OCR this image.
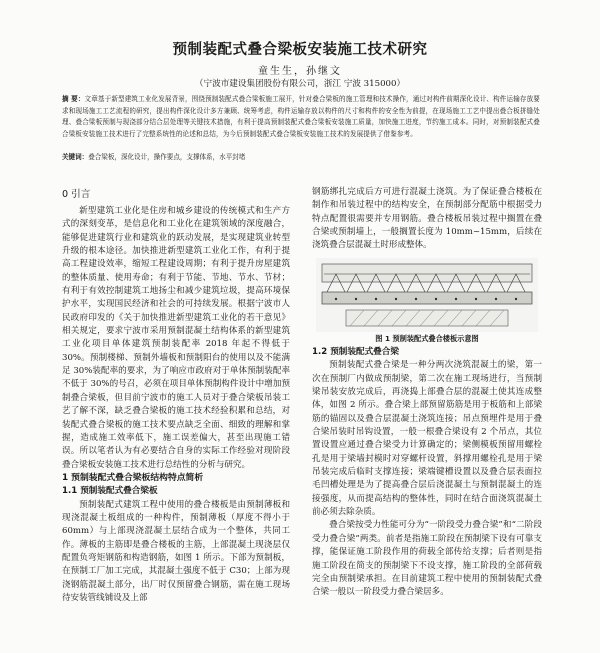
预制装配式叠合梁板安装施工技术研究
童生生，孙继文
（宁波市建设集团股份有限公司，浙江 宁波 315000）
摘 要：文章基于新型建筑工业化发展背景，围绕预制装配式叠合梁板施工展开，针对叠合梁板的施工管理和技术操作，通过对构件前期深化设计、构件运输存放要求和现场施工工艺流程的研究，提出构件深化设计多方兼顾、统筹考虑，构件运输存放以构件的尺寸和构件的安全性为前提，在现场施工工艺中提出叠合板拼缝处理、叠合梁板预制与现浇部分结合层处理等关键技术措施，有利于提高预制装配式叠合梁板安装施工质量，加快施工进度，节约施工成本。同时，对预制装配式叠合梁板安装施工技术进行了完整系统性的论述和总结，为今后预制装配式叠合梁板安装施工技术的发展提供了借鉴参考。
关键词：叠合梁板，深化设计，操作要点，支撑体系，水平封堵
0 引言

新型建筑工业化是住房和城乡建设的传统模式和生产方式的深刻变革，是信息化和工业化在建筑领域的深度融合，能够促进建筑行业和建筑业的跃动发展，是实现建筑业转型升级的根本途径。加快推进新型建筑工业化工作，有利于提高工程建设效率，缩短工程建设周期；有利于提升房屋建筑的整体质量、使用寿命；有利于节能、节地、节水、节材；有利于有效控制建筑工地扬尘和减少建筑垃圾，提高环境保护水平，实现国民经济和社会的可持续发展。根据宁波市人民政府印发的《关于加快推进新型建筑工业化的若干意见》相关规定，要求宁波市采用预制混凝土结构体系的新型建筑工业化项目单体建筑预制装配率 2018 年起不得低于 30%。预制楼梯、预制外墙板和预制阳台的使用以及不能满足 30%装配率的要求，为了响应市政府对于单体预制装配率不低于 30%的号召，必须在项目单体预制构件设计中增加预制叠合梁板，但目前宁波市的施工人员对于叠合梁板吊装工艺了解不深，缺乏叠合梁板的施工技术经验积累和总结，对装配式叠合梁板的施工技术要点缺乏全面、细致的理解和掌握，造成施工效率低下，施工误差偏大，甚至出现施工错误。所以笔者认为有必要结合自身的实际工作经验对现阶段叠合梁板安装施工技术进行总结性的分析与研究。

1 预制装配式叠合梁板结构特点简析
1.1 预制装配式叠合梁板

预制装配式建筑工程中使用的叠合楼板是由预制薄板和现浇混凝土板组成的一种构件，预制薄板（厚度不得小于 60mm）与上部现浇混凝土层结合成为一个整体，共同工作。薄板的主筋即是叠合楼板的主筋，上部混凝土现浇层仅配置负弯矩钢筋和构造钢筋，如图 1 所示。下部为预制板，在预制工厂加工完成，其混凝土强度不低于 C30；上部为现浇钢筋混凝土部分，出厂时仅预留叠合钢筋，需在施工现场待安装管线铺设及上部

钢筋绑扎完成后方可进行混凝土浇筑。为了保证叠合楼板在制作和吊装过程中的结构安全，在预制部分配筋中根据受力特点配置很需要并专用钢筋。叠合楼板吊装过程中搁置在叠合梁或预制墙上，一般搁置长度为 10mm~15mm，后续在浇筑叠合层混凝土时形成整体。

图 1 预制装配式叠合楼板示意图
1.2 预制装配式叠合梁

预制装配式叠合梁是一种分两次浇筑混凝土的梁，第一次在预制厂内做成预制梁，第二次在施工现场进行，当预制梁吊装安放完成后，再浇捣上部叠合层的混凝土使其连成整体，如图 2 所示。叠合梁上部预留筋筋是用于板筋和上部梁筋的锚固以及叠合层混凝土浇筑连接；吊点预埋件是用于叠合梁吊装时吊钩设置，一般一根叠合梁设有 2 个吊点，其位置设置应通过叠合梁受力计算确定的；梁侧模板预留用螺栓孔是用于梁墙封模时对穿螺杆设置，斜撑用螺栓孔是用于梁吊装完成后临时支撑连接；梁端键槽设置以及叠合层表面拉毛凹槽处理是为了提高叠合层后浇混凝土与预制混凝土的连接强度，从而提高结构的整体性，同时在结合面浇筑混凝土前必须去除杂质。

叠合梁按受力性能可分为“一阶段受力叠合梁”和“二阶段受力叠合梁”两类。前者是指施工阶段在预制梁下设有可靠支撑，能保证施工阶段作用的荷载全部传给支撑；后者则是指施工阶段在简支的预制梁下不设支撑，施工阶段的全部荷载完全由预制梁承担。在目前建筑工程中使用的预制装配式叠合梁一般以一阶段受力叠合梁居多。
